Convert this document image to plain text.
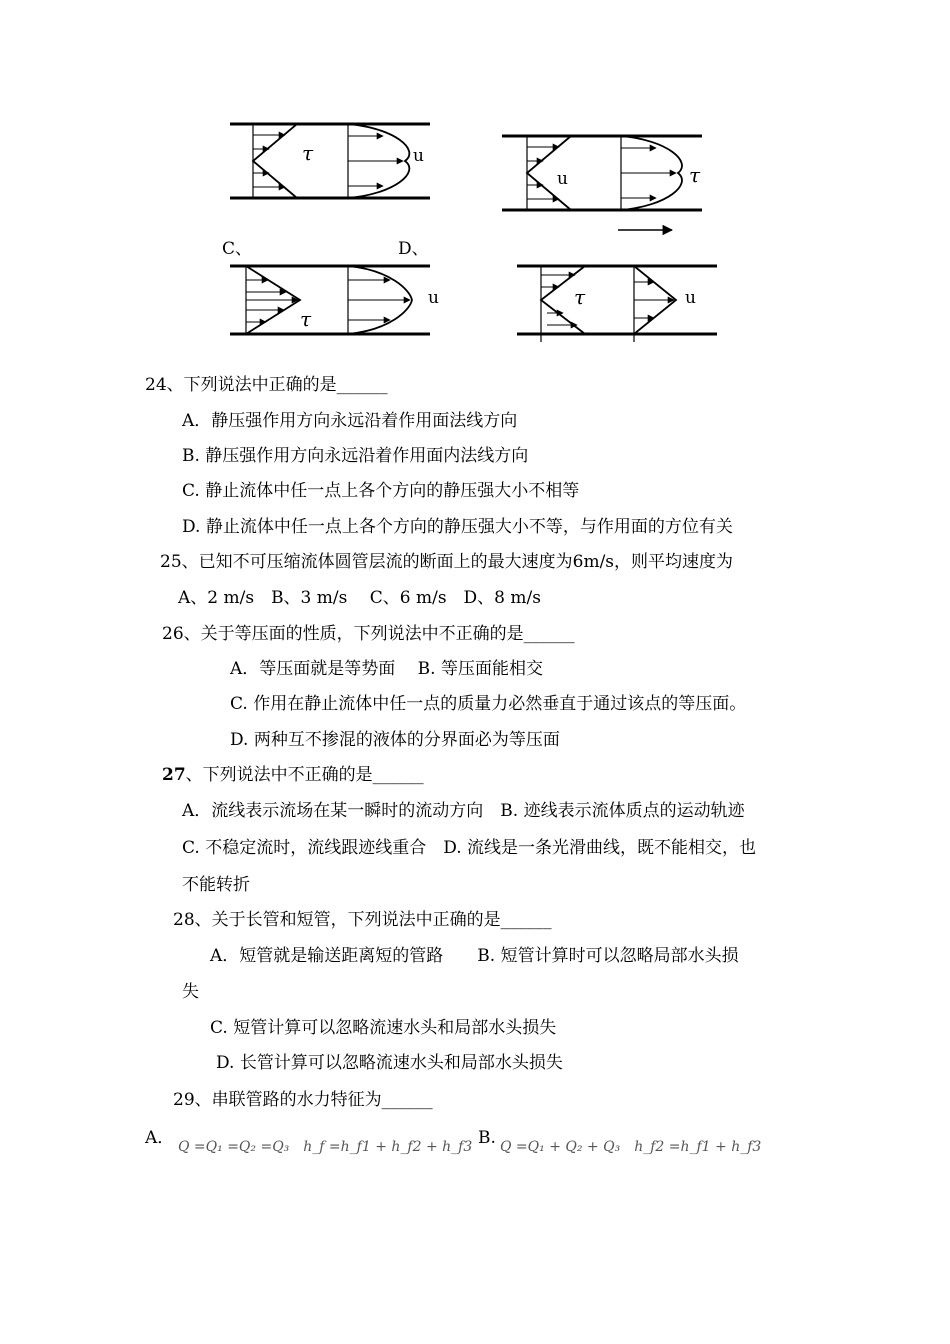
τ	u
u	τ
C、	D、
τ
u	τ	u
24、下列说法中正确的是______
A．静压强作用方向永远沿着作用面法线方向
B. 静压强作用方向永远沿着作用面内法线方向
C. 静止流体中任一点上各个方向的静压强大小不相等
D. 静止流体中任一点上各个方向的静压强大小不等，与作用面的方位有关
25、已知不可压缩流体圆管层流的断面上的最大速度为6m/s，则平均速度为
A、2 m/s　B、3 m/s　 C、6 m/s　D、8 m/s
26、关于等压面的性质，下列说法中不正确的是______
A．等压面就是等势面　 B. 等压面能相交
C. 作用在静止流体中任一点的质量力必然垂直于通过该点的等压面。
D. 两种互不掺混的液体的分界面必为等压面
27、下列说法中不正确的是______
A．流线表示流场在某一瞬时的流动方向　B. 迹线表示流体质点的运动轨迹
C. 不稳定流时，流线跟迹线重合　D. 流线是一条光滑曲线，既不能相交，也
不能转折
28、关于长管和短管，下列说法中正确的是______
A．短管就是输送距离短的管路　　B. 短管计算时可以忽略局部水头损
失
C. 短管计算可以忽略流速水头和局部水头损失
D. 长管计算可以忽略流速水头和局部水头损失
29、串联管路的水力特征为______
A． Q =Q₁ =Q₂ =Q₃　h_f =h_f1 + h_f2 + h_f3 B. Q =Q₁ + Q₂ + Q₃　h_f2 =h_f1 + h_f3
